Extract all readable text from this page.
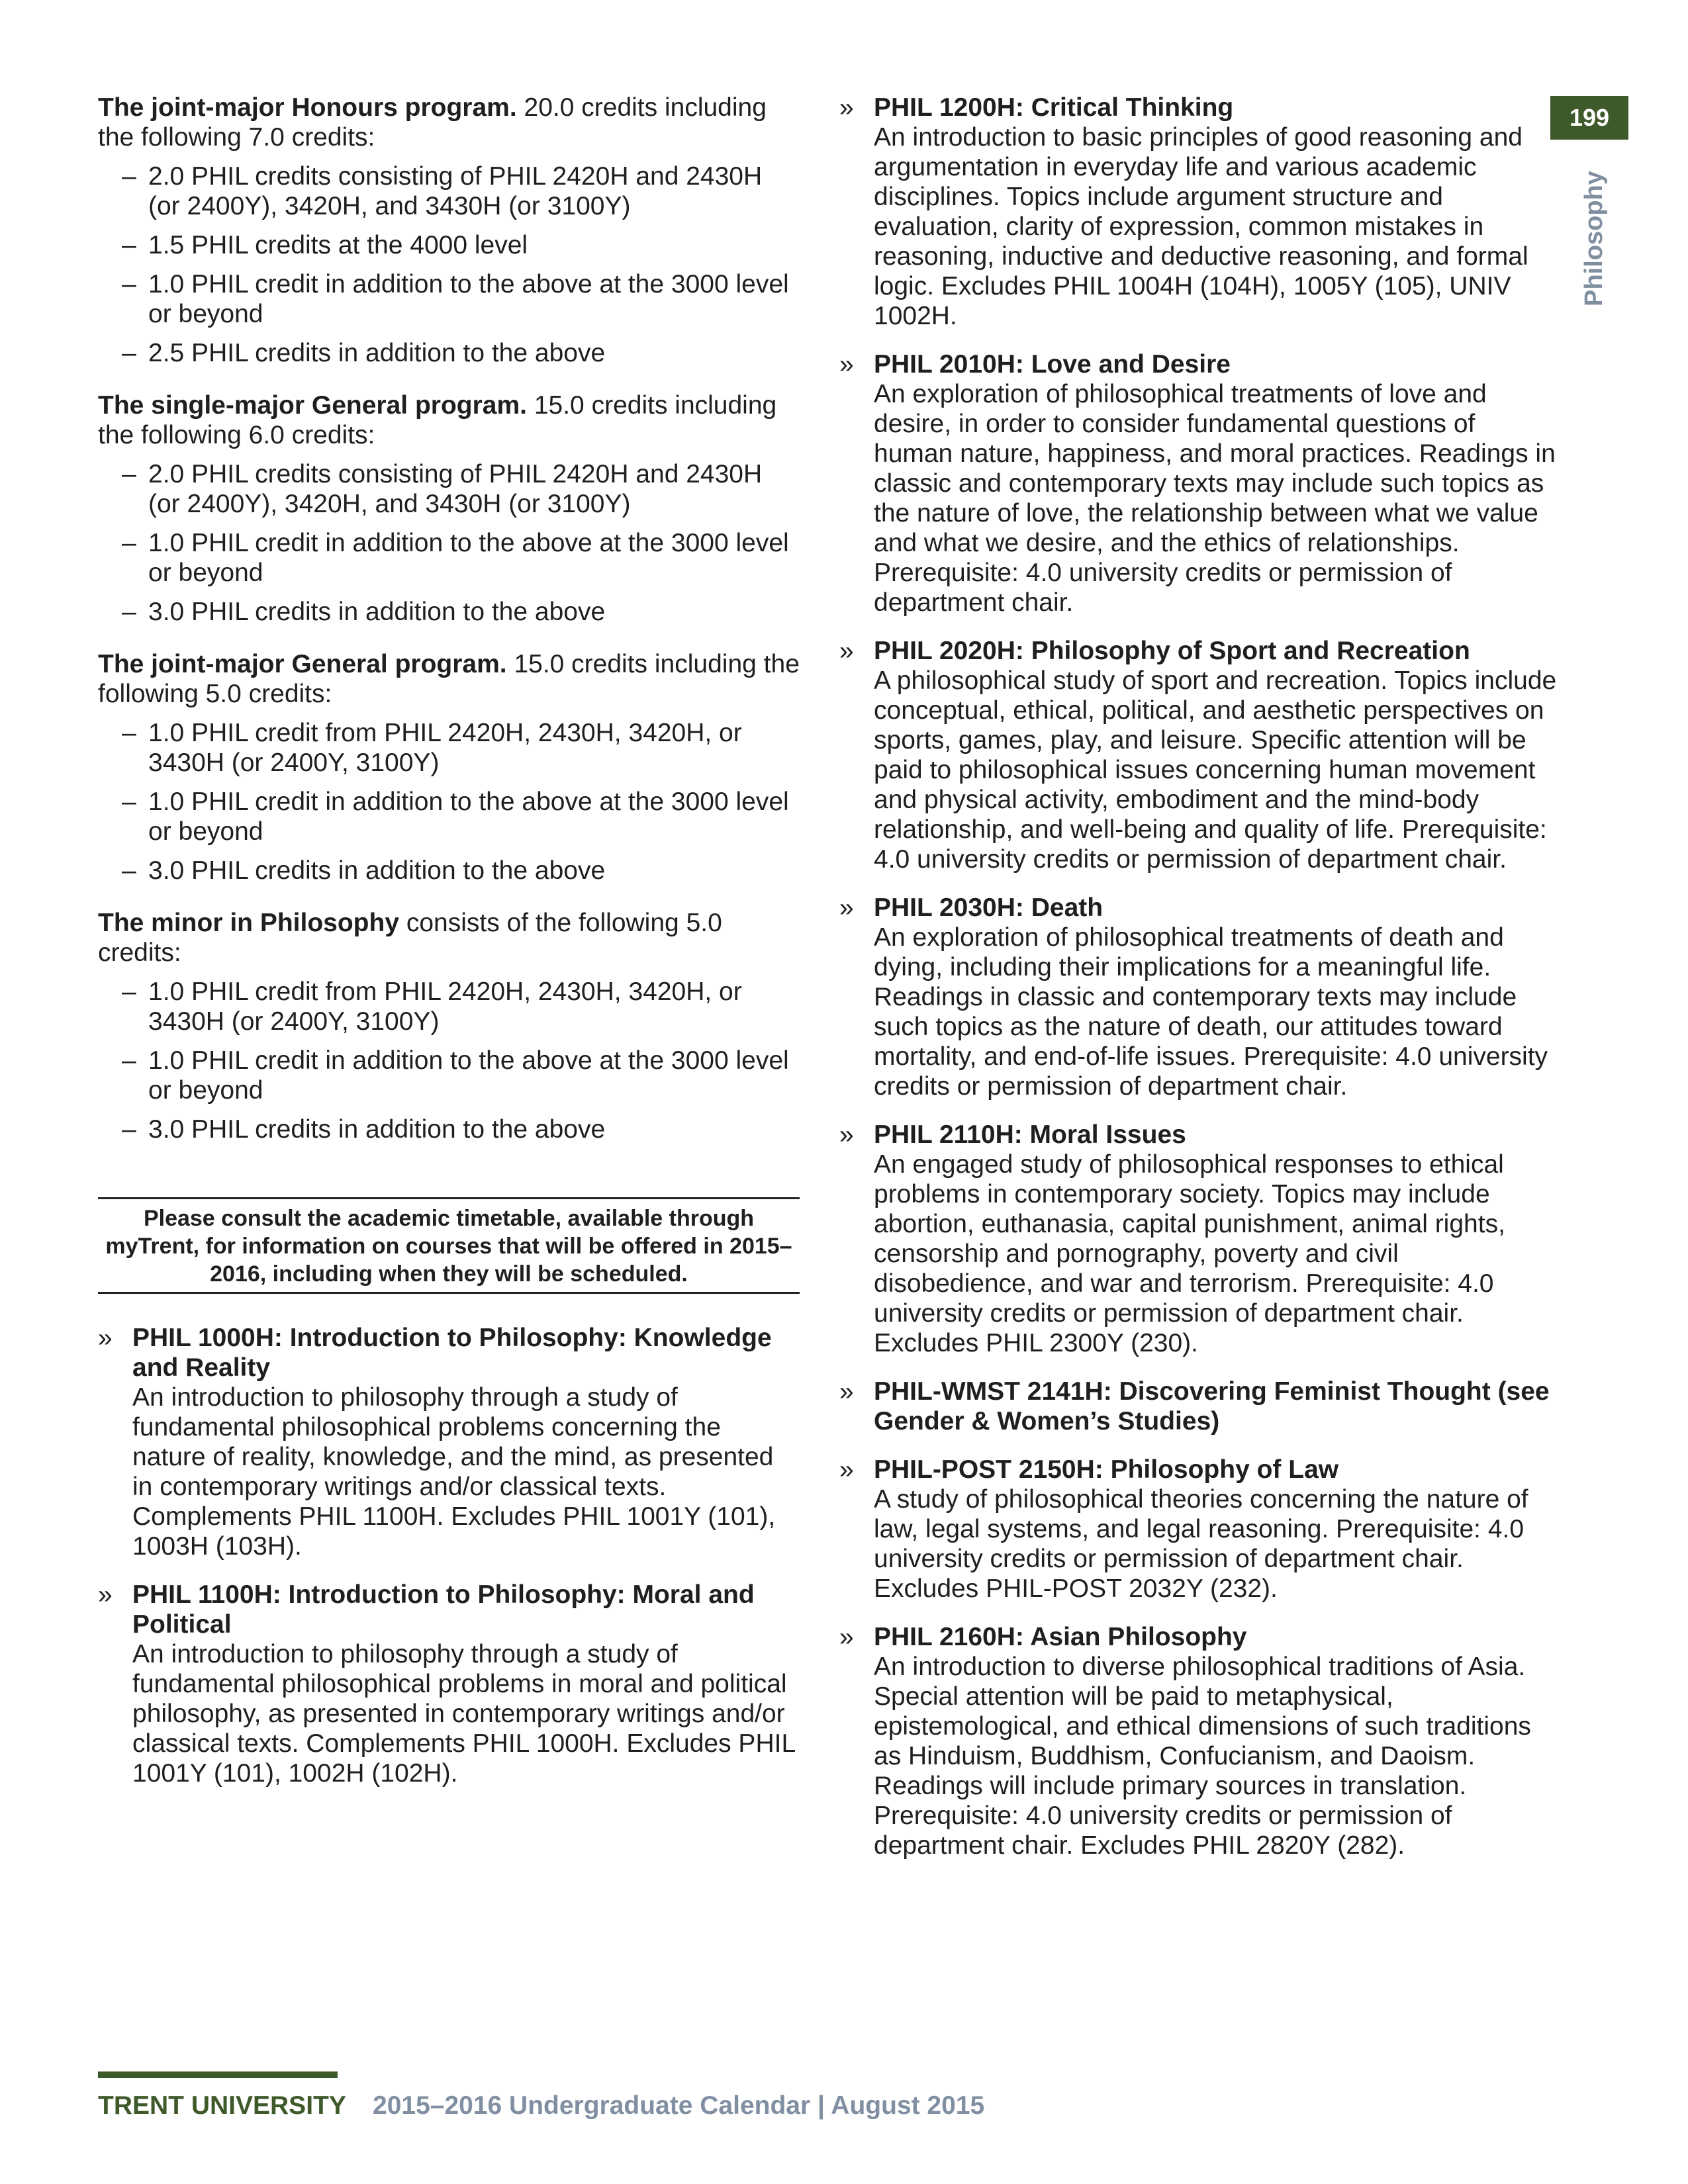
199
Philosophy
The joint-major Honours program. 20.0 credits including the following 7.0 credits:
– 2.0 PHIL credits consisting of PHIL 2420H and 2430H (or 2400Y), 3420H, and 3430H (or 3100Y)
– 1.5 PHIL credits at the 4000 level
– 1.0 PHIL credit in addition to the above at the 3000 level or beyond
– 2.5 PHIL credits in addition to the above
The single-major General program. 15.0 credits including the following 6.0 credits:
– 2.0 PHIL credits consisting of PHIL 2420H and 2430H (or 2400Y), 3420H, and 3430H (or 3100Y)
– 1.0 PHIL credit in addition to the above at the 3000 level or beyond
– 3.0 PHIL credits in addition to the above
The joint-major General program. 15.0 credits including the following 5.0 credits:
– 1.0 PHIL credit from PHIL 2420H, 2430H, 3420H, or 3430H (or 2400Y, 3100Y)
– 1.0 PHIL credit in addition to the above at the 3000 level or beyond
– 3.0 PHIL credits in addition to the above
The minor in Philosophy consists of the following 5.0 credits:
– 1.0 PHIL credit from PHIL 2420H, 2430H, 3420H, or 3430H (or 2400Y, 3100Y)
– 1.0 PHIL credit in addition to the above at the 3000 level or beyond
– 3.0 PHIL credits in addition to the above
Please consult the academic timetable, available through myTrent, for information on courses that will be offered in 2015–2016, including when they will be scheduled.
» PHIL 1000H: Introduction to Philosophy: Knowledge and Reality
An introduction to philosophy through a study of fundamental philosophical problems concerning the nature of reality, knowledge, and the mind, as presented in contemporary writings and/or classical texts. Complements PHIL 1100H. Excludes PHIL 1001Y (101), 1003H (103H).
» PHIL 1100H: Introduction to Philosophy: Moral and Political
An introduction to philosophy through a study of fundamental philosophical problems in moral and political philosophy, as presented in contemporary writings and/or classical texts. Complements PHIL 1000H. Excludes PHIL 1001Y (101), 1002H (102H).
» PHIL 1200H: Critical Thinking
An introduction to basic principles of good reasoning and argumentation in everyday life and various academic disciplines. Topics include argument structure and evaluation, clarity of expression, common mistakes in reasoning, inductive and deductive reasoning, and formal logic. Excludes PHIL 1004H (104H), 1005Y (105), UNIV 1002H.
» PHIL 2010H: Love and Desire
An exploration of philosophical treatments of love and desire, in order to consider fundamental questions of human nature, happiness, and moral practices. Readings in classic and contemporary texts may include such topics as the nature of love, the relationship between what we value and what we desire, and the ethics of relationships. Prerequisite: 4.0 university credits or permission of department chair.
» PHIL 2020H: Philosophy of Sport and Recreation
A philosophical study of sport and recreation. Topics include conceptual, ethical, political, and aesthetic perspectives on sports, games, play, and leisure. Specific attention will be paid to philosophical issues concerning human movement and physical activity, embodiment and the mind-body relationship, and well-being and quality of life. Prerequisite: 4.0 university credits or permission of department chair.
» PHIL 2030H: Death
An exploration of philosophical treatments of death and dying, including their implications for a meaningful life. Readings in classic and contemporary texts may include such topics as the nature of death, our attitudes toward mortality, and end-of-life issues. Prerequisite: 4.0 university credits or permission of department chair.
» PHIL 2110H: Moral Issues
An engaged study of philosophical responses to ethical problems in contemporary society. Topics may include abortion, euthanasia, capital punishment, animal rights, censorship and pornography, poverty and civil disobedience, and war and terrorism. Prerequisite: 4.0 university credits or permission of department chair. Excludes PHIL 2300Y (230).
» PHIL-WMST 2141H: Discovering Feminist Thought (see Gender & Women’s Studies)
» PHIL-POST 2150H: Philosophy of Law
A study of philosophical theories concerning the nature of law, legal systems, and legal reasoning. Prerequisite: 4.0 university credits or permission of department chair. Excludes PHIL-POST 2032Y (232).
» PHIL 2160H: Asian Philosophy
An introduction to diverse philosophical traditions of Asia. Special attention will be paid to metaphysical, epistemological, and ethical dimensions of such traditions as Hinduism, Buddhism, Confucianism, and Daoism. Readings will include primary sources in translation. Prerequisite: 4.0 university credits or permission of department chair. Excludes PHIL 2820Y (282).
TRENT UNIVERSITY 2015–2016 Undergraduate Calendar | August 2015
